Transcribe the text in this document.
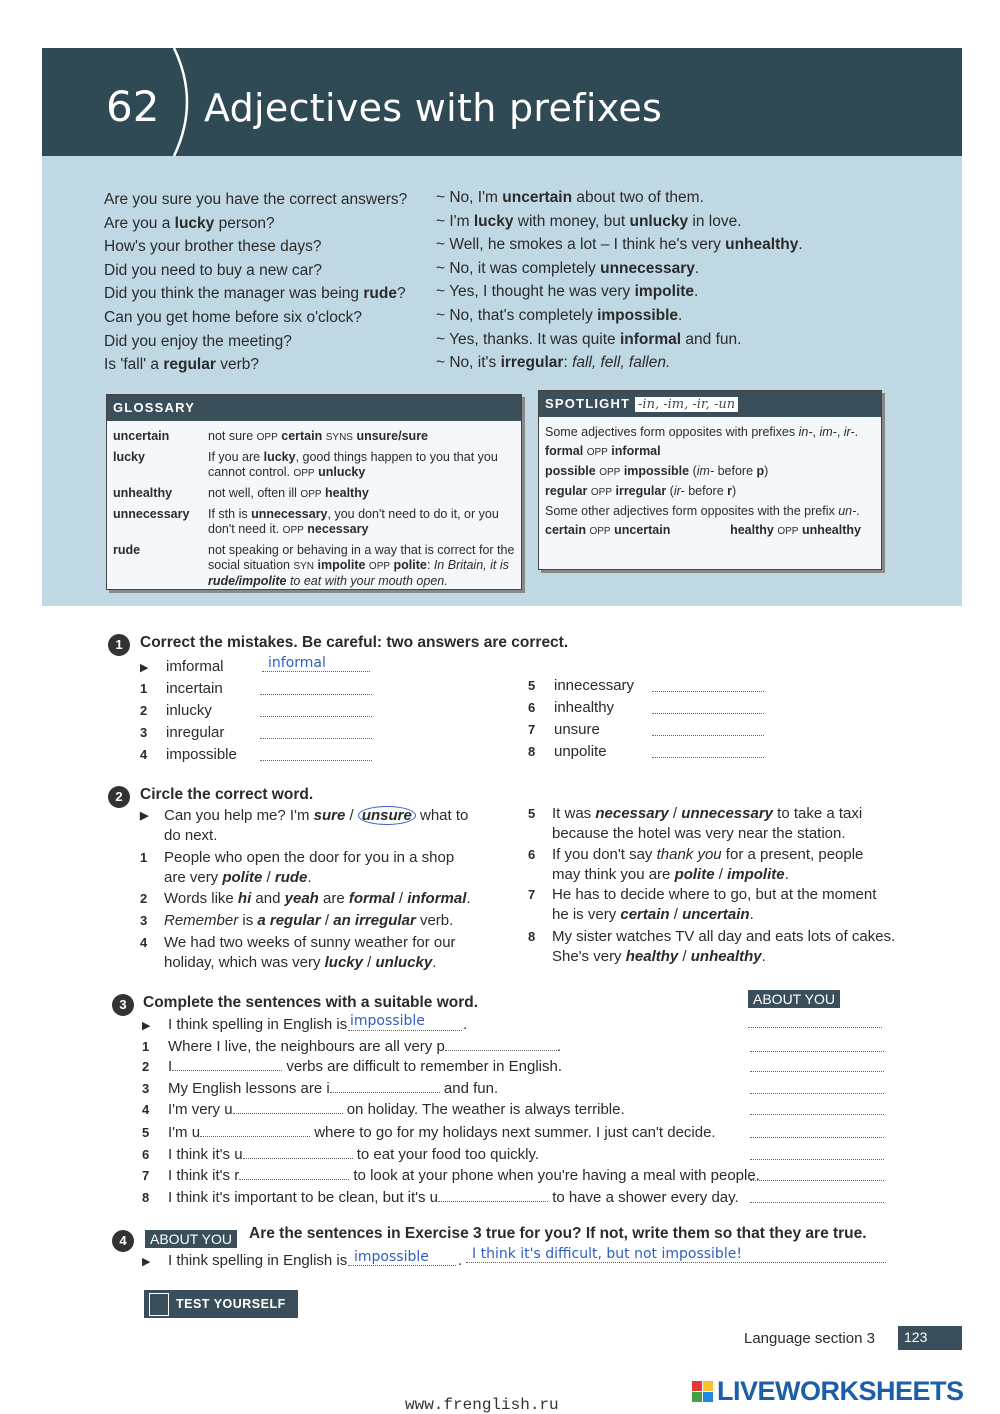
62 Adjectives with prefixes
Are you sure you have the correct answers?
Are you a lucky person?
How's your brother these days?
Did you need to buy a new car?
Did you think the manager was being rude?
Can you get home before six o'clock?
Did you enjoy the meeting?
Is 'fall' a regular verb?
~ No, I'm uncertain about two of them.
~ I'm lucky with money, but unlucky in love.
~ Well, he smokes a lot – I think he's very unhealthy.
~ No, it was completely unnecessary.
~ Yes, I thought he was very impolite.
~ No, that's completely impossible.
~ Yes, thanks. It was quite informal and fun.
~ No, it's irregular: fall, fell, fallen.
GLOSSARY
uncertain	not sure OPP certain SYNS unsure/sure
lucky	If you are lucky, good things happen to you that you cannot control. OPP unlucky
unhealthy	not well, often ill OPP healthy
unnecessary	If sth is unnecessary, you don't need to do it, or you don't need it. OPP necessary
rude	not speaking or behaving in a way that is correct for the social situation SYN impolite OPP polite: In Britain, it is rude/impolite to eat with your mouth open.
SPOTLIGHT -in, -im, -ir, -un
Some adjectives form opposites with prefixes in-, im-, ir-.
formal OPP informal
possible OPP impossible (im- before p)
regular OPP irregular (ir- before r)
Some other adjectives form opposites with the prefix un-.
certain OPP uncertain	healthy OPP unhealthy
1	Correct the mistakes. Be careful: two answers are correct.
▶ imformal	informal
1 incertain
2 inlucky
3 inregular
4 impossible
5 innecessary
6 inhealthy
7 unsure
8 unpolite
2	Circle the correct word.
▶ Can you help me? I'm sure / unsure what to do next.
1 People who open the door for you in a shop are very polite / rude.
2 Words like hi and yeah are formal / informal.
3 Remember is a regular / an irregular verb.
4 We had two weeks of sunny weather for our holiday, which was very lucky / unlucky.
5 It was necessary / unnecessary to take a taxi because the hotel was very near the station.
6 If you don't say thank you for a present, people may think you are polite / impolite.
7 He has to decide where to go, but at the moment he is very certain / uncertain.
8 My sister watches TV all day and eats lots of cakes. She's very healthy / unhealthy.
3	Complete the sentences with a suitable word.	ABOUT YOU
▶ I think spelling in English is impossible	.
1 Where I live, the neighbours are all very p	.
2 I	verbs are difficult to remember in English.
3 My English lessons are i	and fun.
4 I'm very u	on holiday. The weather is always terrible.
5 I'm u	where to go for my holidays next summer. I just can't decide.
6 I think it's u	to eat your food too quickly.
7 I think it's r	to look at your phone when you're having a meal with people.
8 I think it's important to be clean, but it's u	to have a shower every day.
4	ABOUT YOU	Are the sentences in Exercise 3 true for you? If not, write them so that they are true.
▶ I think spelling in English is impossible . I think it's difficult, but not impossible!
TEST YOURSELF
Language section 3	123
www.frenglish.ru	LIVEWORKSHEETS
